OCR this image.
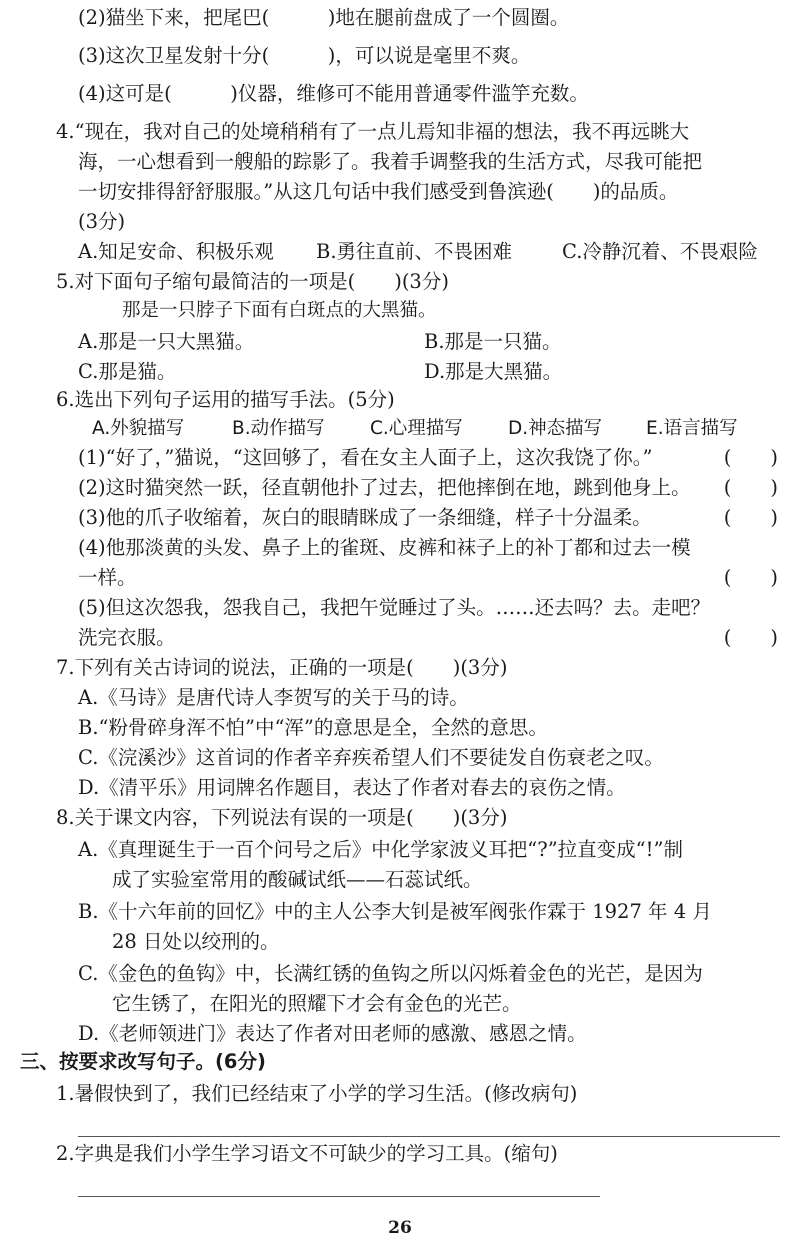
(2)猫坐下来，把尾巴(　　　)地在腿前盘成了一个圆圈。
(3)这次卫星发射十分(　　　)，可以说是毫里不爽。
(4)这可是(　　　)仪器，维修可不能用普通零件滥竽充数。
4.“现在，我对自己的处境稍稍有了一点儿焉知非福的想法，我不再远眺大
海，一心想看到一艘船的踪影了。我着手调整我的生活方式，尽我可能把
一切安排得舒舒服服。”从这几句话中我们感受到鲁滨逊(　　)的品质。
(3分)
A.知足安命、积极乐观 B.勇往直前、不畏困难	C.冷静沉着、不畏艰险
5.对下面句子缩句最简洁的一项是(　　)(3分)
那是一只脖子下面有白斑点的大黑猫。
A.那是一只大黑猫。	B.那是一只猫。
C.那是猫。	D.那是大黑猫。
6.选出下列句子运用的描写手法。(5分)
A.外貌描写	B.动作描写 C.心理描写 D.神态描写 E.语言描写
(1)“好了，”猫说，“这回够了，看在女主人面子上，这次我饶了你。”	(　　)
(2)这时猫突然一跃，径直朝他扑了过去，把他摔倒在地，跳到他身上。 (　　)
(3)他的爪子收缩着，灰白的眼睛眯成了一条细缝，样子十分温柔。	(　　)
(4)他那淡黄的头发、鼻子上的雀斑、皮裤和袜子上的补丁都和过去一模
一样。	(　　)
(5)但这次怨我，怨我自己，我把午觉睡过了头。……还去吗？去。走吧？
洗完衣服。	(　　)
7.下列有关古诗词的说法，正确的一项是(　　)(3分)
A.《马诗》是唐代诗人李贺写的关于马的诗。
B.“粉骨碎身浑不怕”中“浑”的意思是全，全然的意思。
C.《浣溪沙》这首词的作者辛弃疾希望人们不要徒发自伤衰老之叹。
D.《清平乐》用词牌名作题目，表达了作者对春去的哀伤之情。
8.关于课文内容，下列说法有误的一项是(　　)(3分)
A.《真理诞生于一百个问号之后》中化学家波义耳把“?”拉直变成“!”制
成了实验室常用的酸碱试纸——石蕊试纸。
B.《十六年前的回忆》中的主人公李大钊是被军阀张作霖于 1927 年 4 月
28 日处以绞刑的。
C.《金色的鱼钩》中，长满红锈的鱼钩之所以闪烁着金色的光芒，是因为
它生锈了，在阳光的照耀下才会有金色的光芒。
D.《老师领进门》表达了作者对田老师的感激、感恩之情。
三、按要求改写句子。(6分)
1.暑假快到了，我们已经结束了小学的学习生活。(修改病句)
2.字典是我们小学生学习语文不可缺少的学习工具。(缩句)
26
